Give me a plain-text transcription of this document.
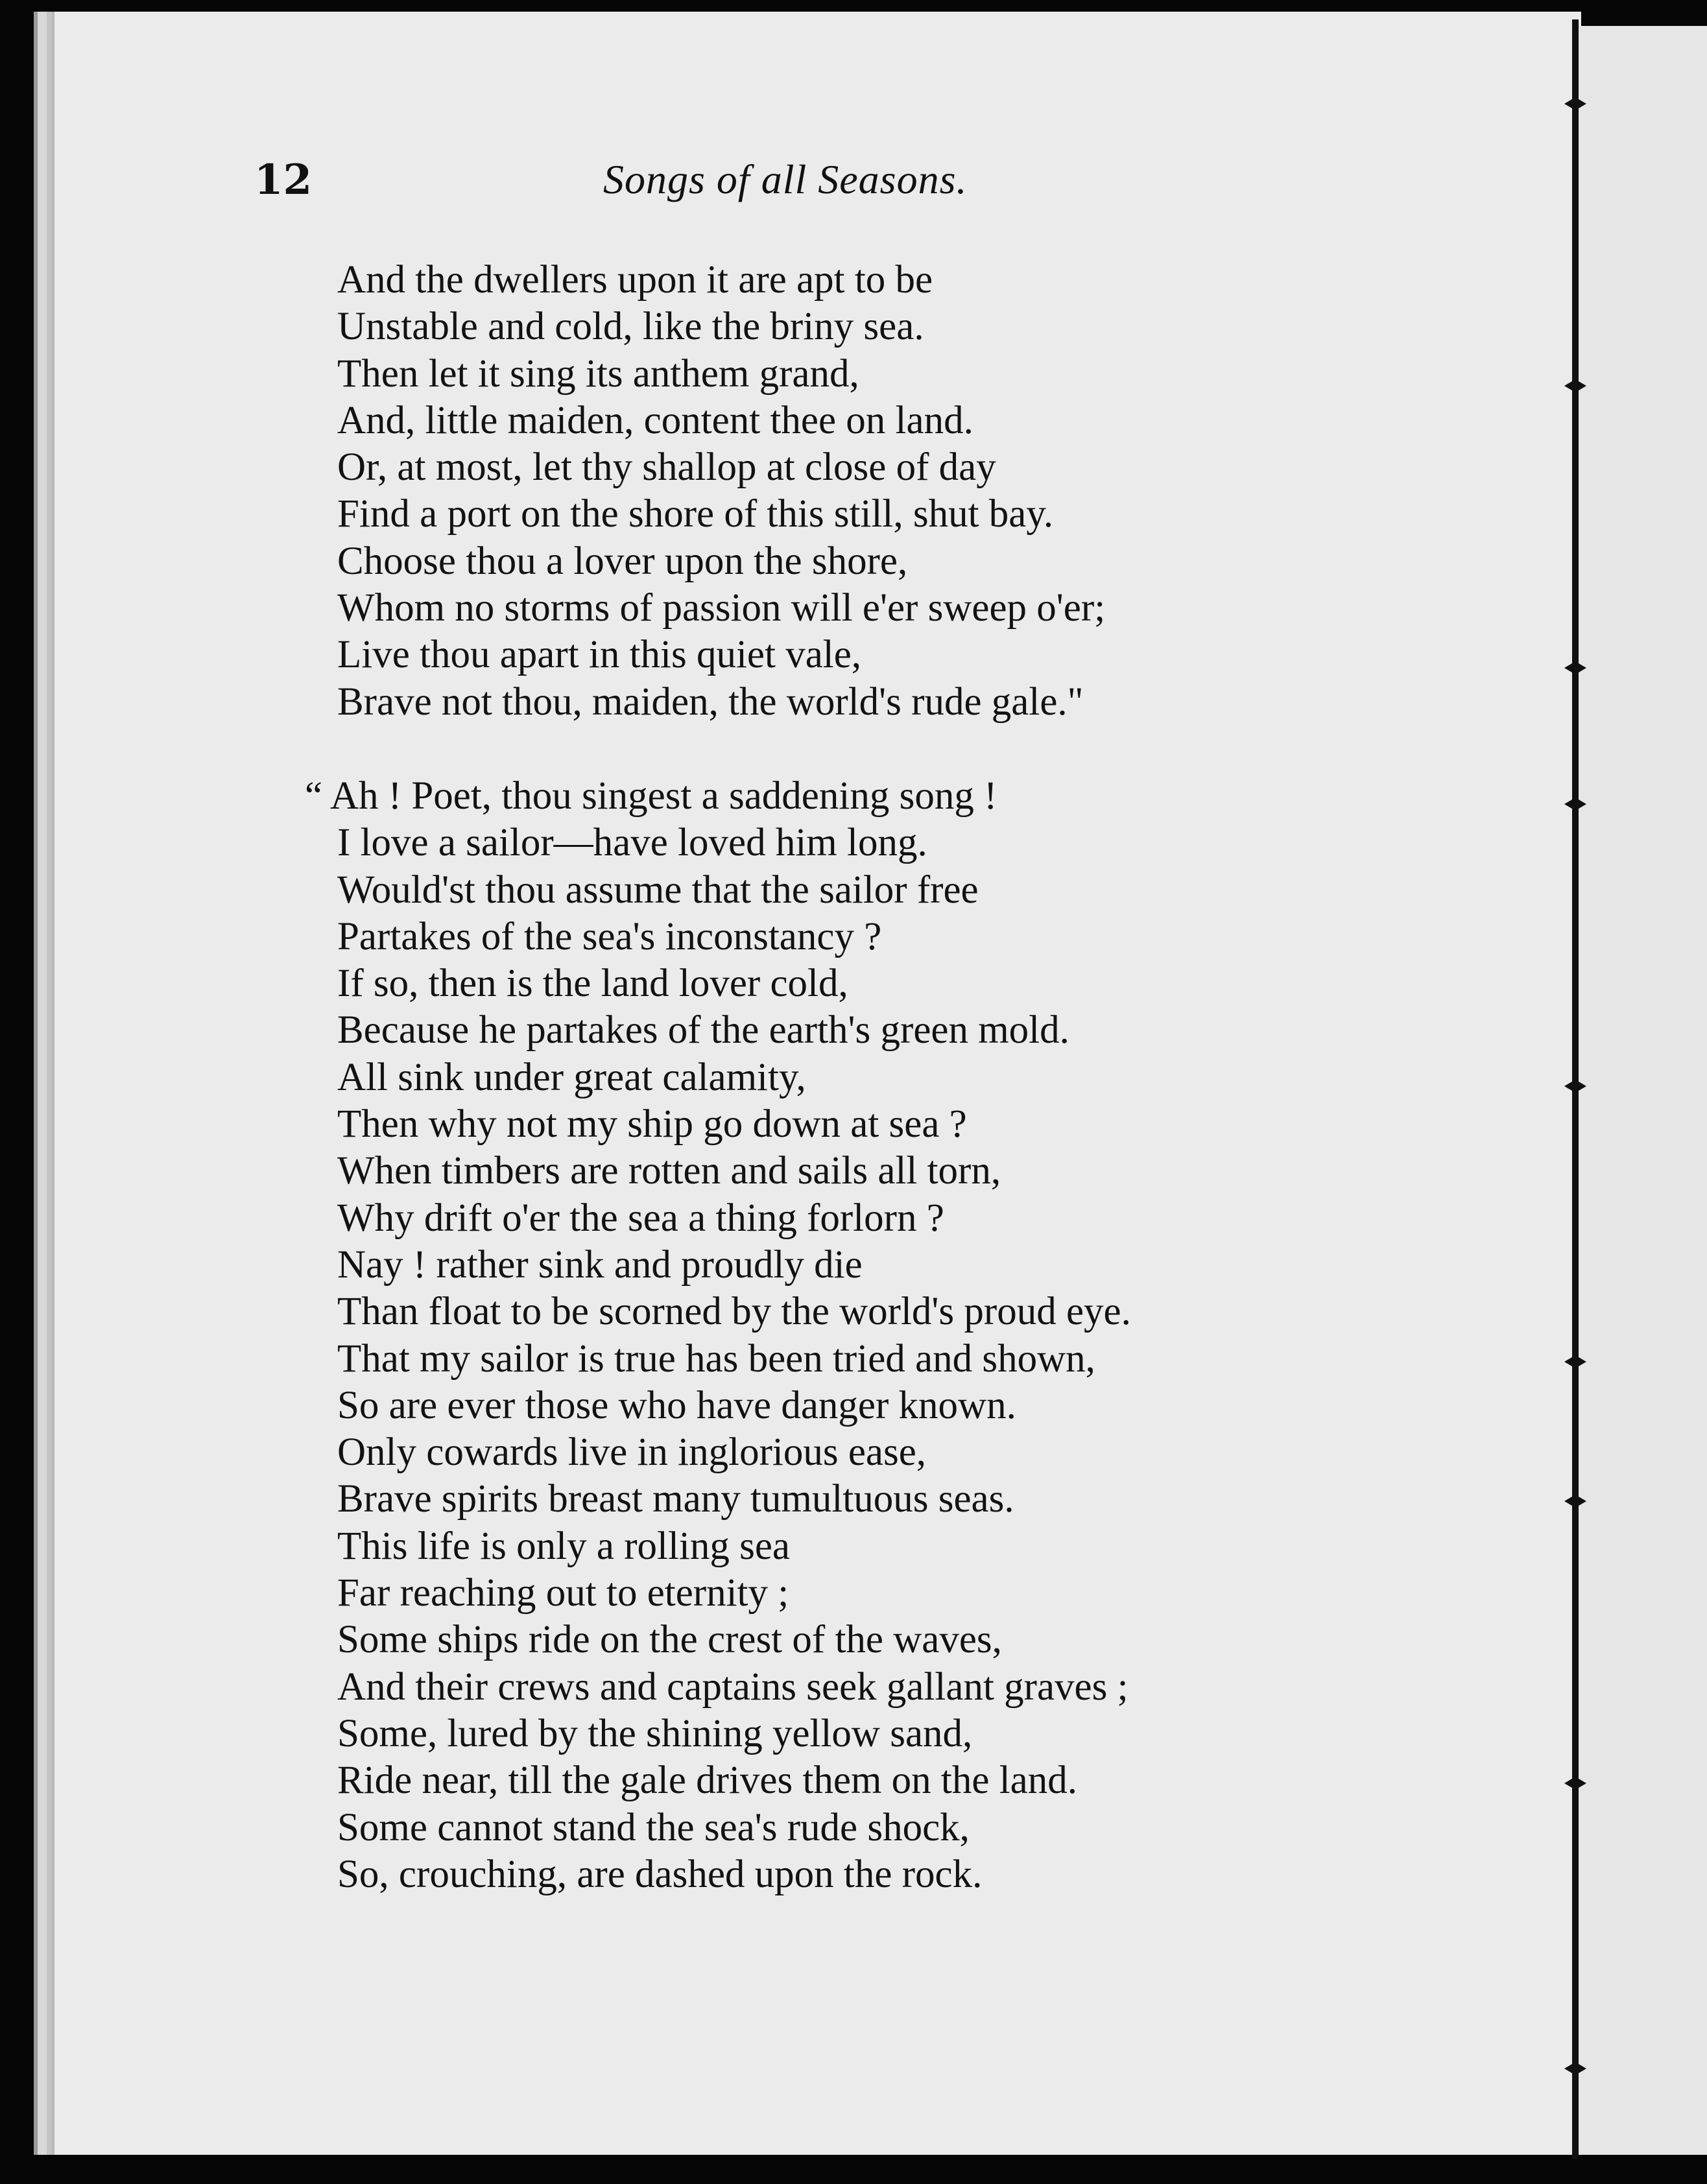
12	Songs of all Seasons.
And the dwellers upon it are apt to be
Unstable and cold, like the briny sea.
Then let it sing its anthem grand,
And, little maiden, content thee on land.
Or, at most, let thy shallop at close of day
Find a port on the shore of this still, shut bay.
Choose thou a lover upon the shore,
Whom no storms of passion will e'er sweep o'er;
Live thou apart in this quiet vale,
Brave not thou, maiden, the world's rude gale."
“ Ah ! Poet, thou singest a saddening song !
I love a sailor—have loved him long.
Would'st thou assume that the sailor free
Partakes of the sea's inconstancy ?
If so, then is the land lover cold,
Because he partakes of the earth's green mold.
All sink under great calamity,
Then why not my ship go down at sea ?
When timbers are rotten and sails all torn,
Why drift o'er the sea a thing forlorn ?
Nay ! rather sink and proudly die
Than float to be scorned by the world's proud eye.
That my sailor is true has been tried and shown,
So are ever those who have danger known.
Only cowards live in inglorious ease,
Brave spirits breast many tumultuous seas.
This life is only a rolling sea
Far reaching out to eternity ;
Some ships ride on the crest of the waves,
And their crews and captains seek gallant graves ;
Some, lured by the shining yellow sand,
Ride near, till the gale drives them on the land.
Some cannot stand the sea's rude shock,
So, crouching, are dashed upon the rock.
